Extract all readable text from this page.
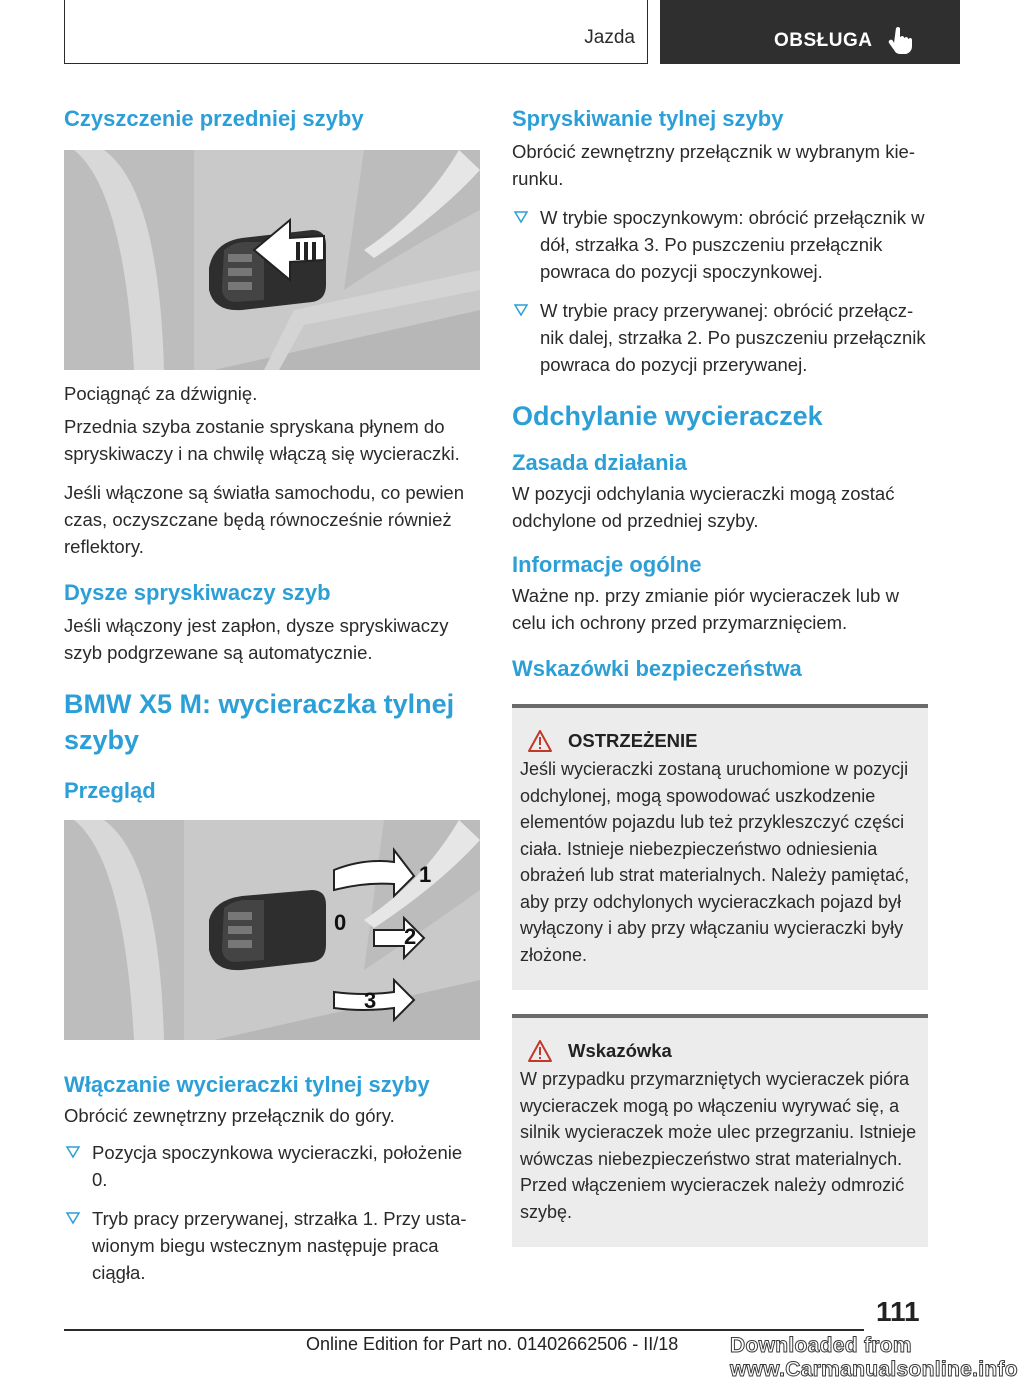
Jazda	OBSŁUGA
Czyszczenie przedniej szyby

Pociągnąć za dźwignię.

Przednia szyba zostanie spryskana płynem do spryskiwaczy i na chwilę włączą się wycieraczki.

Jeśli włączone są światła samochodu, co pewien czas, oczyszczane będą równocześnie również reflektory.

Dysze spryskiwaczy szyb

Jeśli włączony jest zapłon, dysze spryskiwaczy szyb podgrzewane są automatycznie.

BMW X5 M: wycieraczka tylnej szyby
Przegląd
1
0
2
3
Włączanie wycieraczki tylnej szyby

Obrócić zewnętrzny przełącznik do góry.

Pozycja spoczynkowa wycieraczki, położenie 0.
Tryb pracy przerywanej, strzałka 1. Przy ustawionym biegu wstecznym następuje praca ciągła.
Spryskiwanie tylnej szyby

Obrócić zewnętrzny przełącznik w wybranym kierunku.

W trybie spoczynkowym: obrócić przełącznik w dół, strzałka 3. Po puszczeniu przełącznik powraca do pozycji spoczynkowej.
W trybie pracy przerywanej: obrócić przełącznik dalej, strzałka 2. Po puszczeniu przełącznik powraca do pozycji przerywanej.
Odchylanie wycieraczek
Zasada działania

W pozycji odchylania wycieraczki mogą zostać odchylone od przedniej szyby.

Informacje ogólne

Ważne np. przy zmianie piór wycieraczek lub w celu ich ochrony przed przymarznięciem.

Wskazówki bezpieczeństwa
OSTRZEŻENIE

Jeśli wycieraczki zostaną uruchomione w pozycji odchylonej, mogą spowodować uszkodzenie elementów pojazdu lub też przykleszczyć części ciała. Istnieje niebezpieczeństwo odniesienia obrażeń lub strat materialnych. Należy pamiętać, aby przy odchylonych wycieraczkach pojazd był wyłączony i aby przy włączaniu wycieraczki były złożone.

Wskazówka

W przypadku przymarzniętych wycieraczek pióra wycieraczek mogą po włączeniu wyrywać się, a silnik wycieraczek może ulec przegrzaniu. Istnieje wówczas niebezpieczeństwo strat materialnych. Przed włączeniem wycieraczek należy odmrozić szybę.

111
Online Edition for Part no. 01402662506 - II/18 Downloaded from www.Carmanualsonline.info
